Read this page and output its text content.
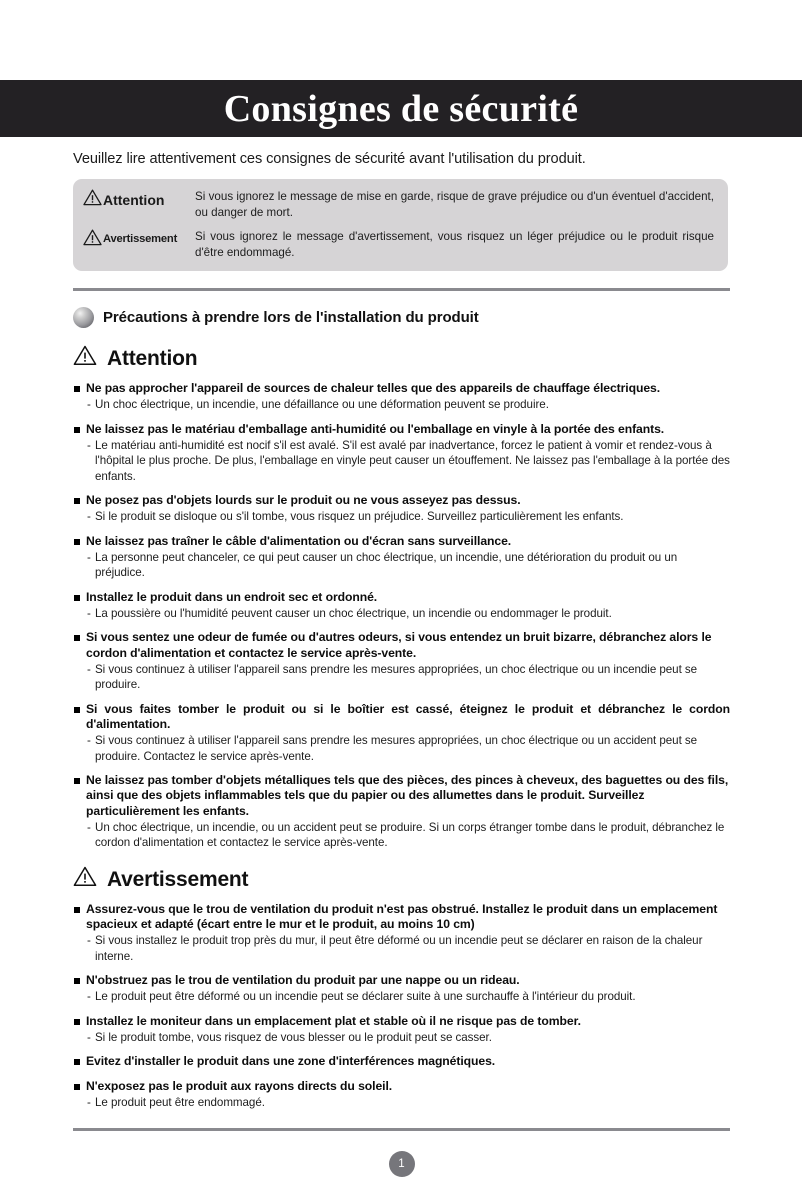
Consignes de sécurité

Veuillez lire attentivement ces consignes de sécurité avant l'utilisation du produit.

Attention	Si vous ignorez le message de mise en garde, risque de grave préjudice ou d'un éventuel d'accident, ou danger de mort.
Avertissement Si vous ignorez le message d'avertissement, vous risquez un léger préjudice ou le produit risque d'être endommagé.
Précautions à prendre lors de l'installation du produit
Attention
Ne pas approcher l'appareil de sources de chaleur telles que des appareils de chauffage électriques.
- Un choc électrique, un incendie, une défaillance ou une déformation peuvent se produire.
Ne laissez pas le matériau d'emballage anti-humidité ou l'emballage en vinyle à la portée des enfants.
- Le matériau anti-humidité est nocif s'il est avalé. S'il est avalé par inadvertance, forcez le patient à vomir et rendez-vous à l'hôpital le plus proche. De plus, l'emballage en vinyle peut causer un étouffement. Ne laissez pas l'emballage à la portée des enfants.
Ne posez pas d'objets lourds sur le produit ou ne vous asseyez pas dessus.
- Si le produit se disloque ou s'il tombe, vous risquez un préjudice. Surveillez particulièrement les enfants.
Ne laissez pas traîner le câble d'alimentation ou d'écran sans surveillance.
- La personne peut chanceler, ce qui peut causer un choc électrique, un incendie, une détérioration du produit ou un préjudice.
Installez le produit dans un endroit sec et ordonné.
- La poussière ou l'humidité peuvent causer un choc électrique, un incendie ou endommager le produit.
Si vous sentez une odeur de fumée ou d'autres odeurs, si vous entendez un bruit bizarre, débranchez alors le cordon d'alimentation et contactez le service après-vente.
- Si vous continuez à utiliser l'appareil sans prendre les mesures appropriées, un choc électrique ou un incendie peut se produire.
Si vous faites tomber le produit ou si le boîtier est cassé, éteignez le produit et débranchez le cordon d'alimentation.
- Si vous continuez à utiliser l'appareil sans prendre les mesures appropriées, un choc électrique ou un accident peut se produire. Contactez le service après-vente.
Ne laissez pas tomber d'objets métalliques tels que des pièces, des pinces à cheveux, des baguettes ou des fils, ainsi que des objets inflammables tels que du papier ou des allumettes dans le produit. Surveillez particulièrement les enfants.
- Un choc électrique, un incendie, ou un accident peut se produire. Si un corps étranger tombe dans le produit, débranchez le cordon d'alimentation et contactez le service après-vente.
Avertissement
Assurez-vous que le trou de ventilation du produit n'est pas obstrué. Installez le produit dans un emplacement spacieux et adapté (écart entre le mur et le produit, au moins 10 cm)
- Si vous installez le produit trop près du mur, il peut être déformé ou un incendie peut se déclarer en raison de la chaleur interne.
N'obstruez pas le trou de ventilation du produit par une nappe ou un rideau.
- Le produit peut être déformé ou un incendie peut se déclarer suite à une surchauffe à l'intérieur du produit.
Installez le moniteur dans un emplacement plat et stable où il ne risque pas de tomber.
- Si le produit tombe, vous risquez de vous blesser ou le produit peut se casser.
Evitez d'installer le produit dans une zone d'interférences magnétiques.
N'exposez pas le produit aux rayons directs du soleil.
- Le produit peut être endommagé.
1
